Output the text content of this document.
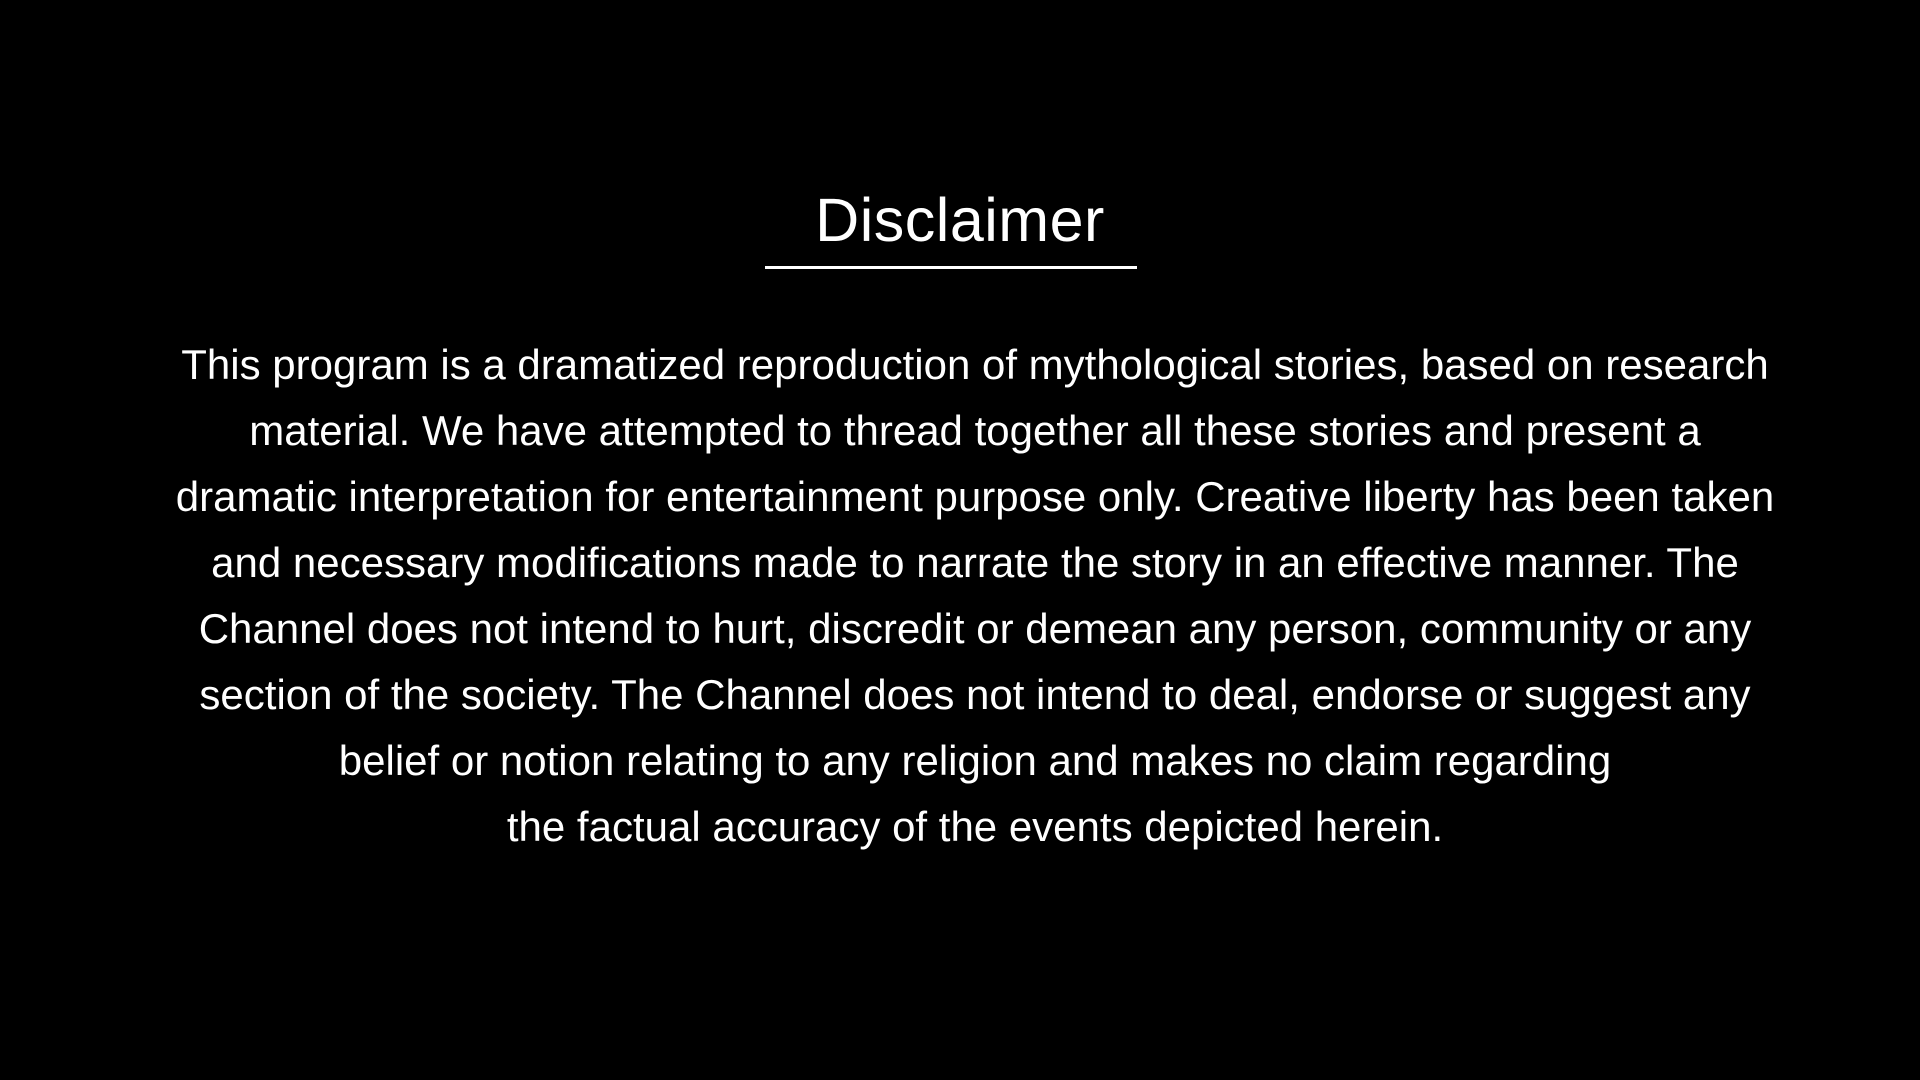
Disclaimer
This program is a dramatized reproduction of mythological stories, based on research
material. We have attempted to thread together all these stories and present a
dramatic interpretation for entertainment purpose only. Creative liberty has been taken
and necessary modifications made to narrate the story in an effective manner. The
Channel does not intend to hurt, discredit or demean any person, community or any
section of the society. The Channel does not intend to deal, endorse or suggest any
belief or notion relating to any religion and makes no claim regarding
the factual accuracy of the events depicted herein.
